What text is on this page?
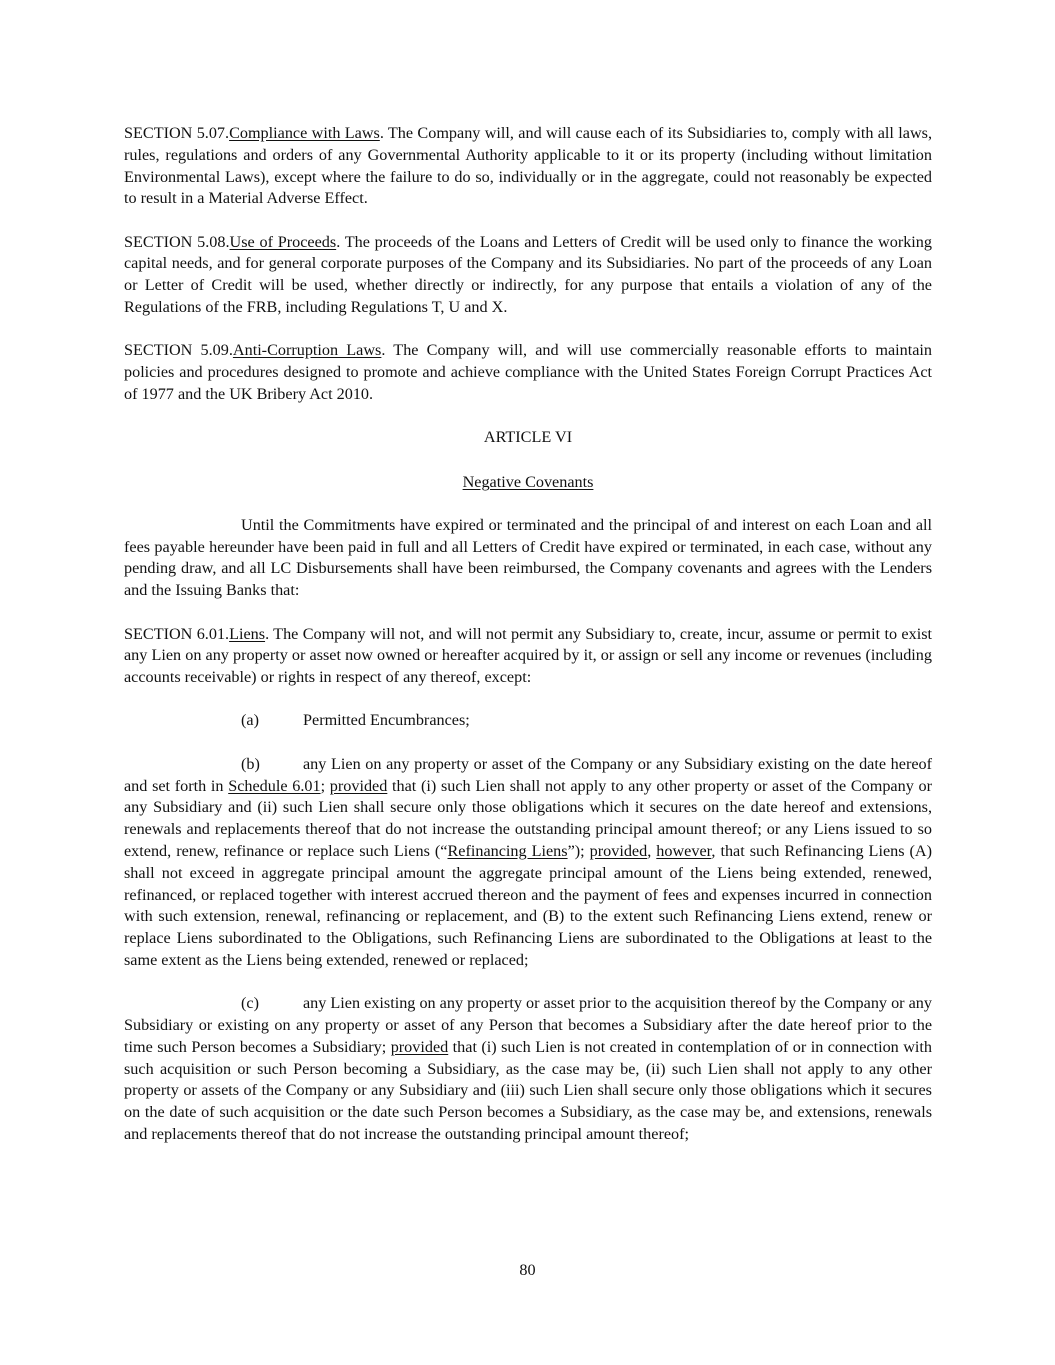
SECTION 5.07.Compliance with Laws. The Company will, and will cause each of its Subsidiaries to, comply with all laws, rules, regulations and orders of any Governmental Authority applicable to it or its property (including without limitation Environmental Laws), except where the failure to do so, individually or in the aggregate, could not reasonably be expected to result in a Material Adverse Effect.

SECTION 5.08.Use of Proceeds. The proceeds of the Loans and Letters of Credit will be used only to finance the working capital needs, and for general corporate purposes of the Company and its Subsidiaries. No part of the proceeds of any Loan or Letter of Credit will be used, whether directly or indirectly, for any purpose that entails a violation of any of the Regulations of the FRB, including Regulations T, U and X.

SECTION 5.09.Anti-Corruption Laws. The Company will, and will use commercially reasonable efforts to maintain policies and procedures designed to promote and achieve compliance with the United States Foreign Corrupt Practices Act of 1977 and the UK Bribery Act 2010.

ARTICLE VI

Negative Covenants

Until the Commitments have expired or terminated and the principal of and interest on each Loan and all fees payable hereunder have been paid in full and all Letters of Credit have expired or terminated, in each case, without any pending draw, and all LC Disbursements shall have been reimbursed, the Company covenants and agrees with the Lenders and the Issuing Banks that:

SECTION 6.01.Liens. The Company will not, and will not permit any Subsidiary to, create, incur, assume or permit to exist any Lien on any property or asset now owned or hereafter acquired by it, or assign or sell any income or revenues (including accounts receivable) or rights in respect of any thereof, except:

(a)	Permitted Encumbrances;

(b)	any Lien on any property or asset of the Company or any Subsidiary existing on the date hereof and set forth in Schedule 6.01; provided that (i) such Lien shall not apply to any other property or asset of the Company or any Subsidiary and (ii) such Lien shall secure only those obligations which it secures on the date hereof and extensions, renewals and replacements thereof that do not increase the outstanding principal amount thereof; or any Liens issued to so extend, renew, refinance or replace such Liens (“Refinancing Liens”); provided, however, that such Refinancing Liens (A) shall not exceed in aggregate principal amount the aggregate principal amount of the Liens being extended, renewed, refinanced, or replaced together with interest accrued thereon and the payment of fees and expenses incurred in connection with such extension, renewal, refinancing or replacement, and (B) to the extent such Refinancing Liens extend, renew or replace Liens subordinated to the Obligations, such Refinancing Liens are subordinated to the Obligations at least to the same extent as the Liens being extended, renewed or replaced;

(c)	any Lien existing on any property or asset prior to the acquisition thereof by the Company or any Subsidiary or existing on any property or asset of any Person that becomes a Subsidiary after the date hereof prior to the time such Person becomes a Subsidiary; provided that (i) such Lien is not created in contemplation of or in connection with such acquisition or such Person becoming a Subsidiary, as the case may be, (ii) such Lien shall not apply to any other property or assets of the Company or any Subsidiary and (iii) such Lien shall secure only those obligations which it secures on the date of such acquisition or the date such Person becomes a Subsidiary, as the case may be, and extensions, renewals and replacements thereof that do not increase the outstanding principal amount thereof;

80
